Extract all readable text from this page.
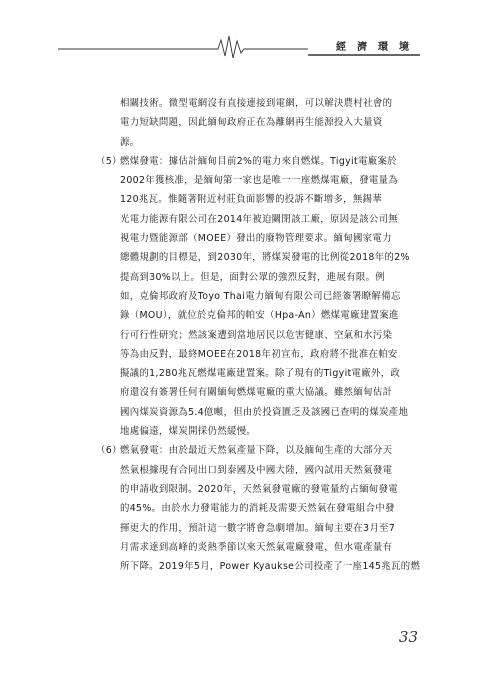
經濟環境

相關技術。微型電網沒有直接連接到電網，可以解決農村社會的

電力短缺問題，因此緬甸政府正在為離網再生能源投入大量資

源。

（5）

燃煤發電：據估計緬甸目前2%的電力來自燃煤。Tigyit電廠案於

2002年獲核准，是緬甸第一家也是唯一一座燃煤電廠，發電量為

120兆瓦。惟隨著附近村莊負面影響的投訴不斷增多，無錫華

光電力能源有限公司在2014年被迫關閉該工廠，原因是該公司無

視電力暨能源部（MOEE）發出的廢物管理要求。緬甸國家電力

總體規劃的目標是，到2030年，將煤炭發電的比例從2018年的2%

提高到30%以上。但是，面對公眾的強烈反對，進展有限。例

如，克倫邦政府及Toyo Thai電力緬甸有限公司已經簽署瞭解備忘

錄（MOU），就位於克倫邦的帕安（Hpa-An）燃煤電廠建置案進

行可行性研究；然該案遭到當地居民以危害健康、空氣和水污染

等為由反對，最終MOEE在2018年初宣布，政府將不批准在帕安

擬議的1,280兆瓦燃煤電廠建置案。除了現有的Tigyit電廠外，政

府還沒有簽署任何有關緬甸燃煤電廠的重大協議。雖然緬甸估計

國內煤炭資源為5.4億噸，但由於投資匱乏及該國已查明的煤炭產地

地處偏遠，煤炭開採仍然緩慢。

（6）

燃氣發電：由於最近天然氣產量下降，以及緬甸生產的大部分天

然氣根據現有合同出口到泰國及中國大陸，國內試用天然氣發電

的申請收到限制。2020年，天然氣發電廠的發電量約占緬甸發電

的45%。由於水力發電能力的消耗及需要天然氣在發電組合中發

揮更大的作用，預計這一數字將會急劇增加。緬甸主要在3月至7

月需求達到高峰的炎熱季節以來天然氣電廠發電，但水電產量有

所下降。2019年5月，Power Kyaukse公司投產了一座145兆瓦的燃

33
